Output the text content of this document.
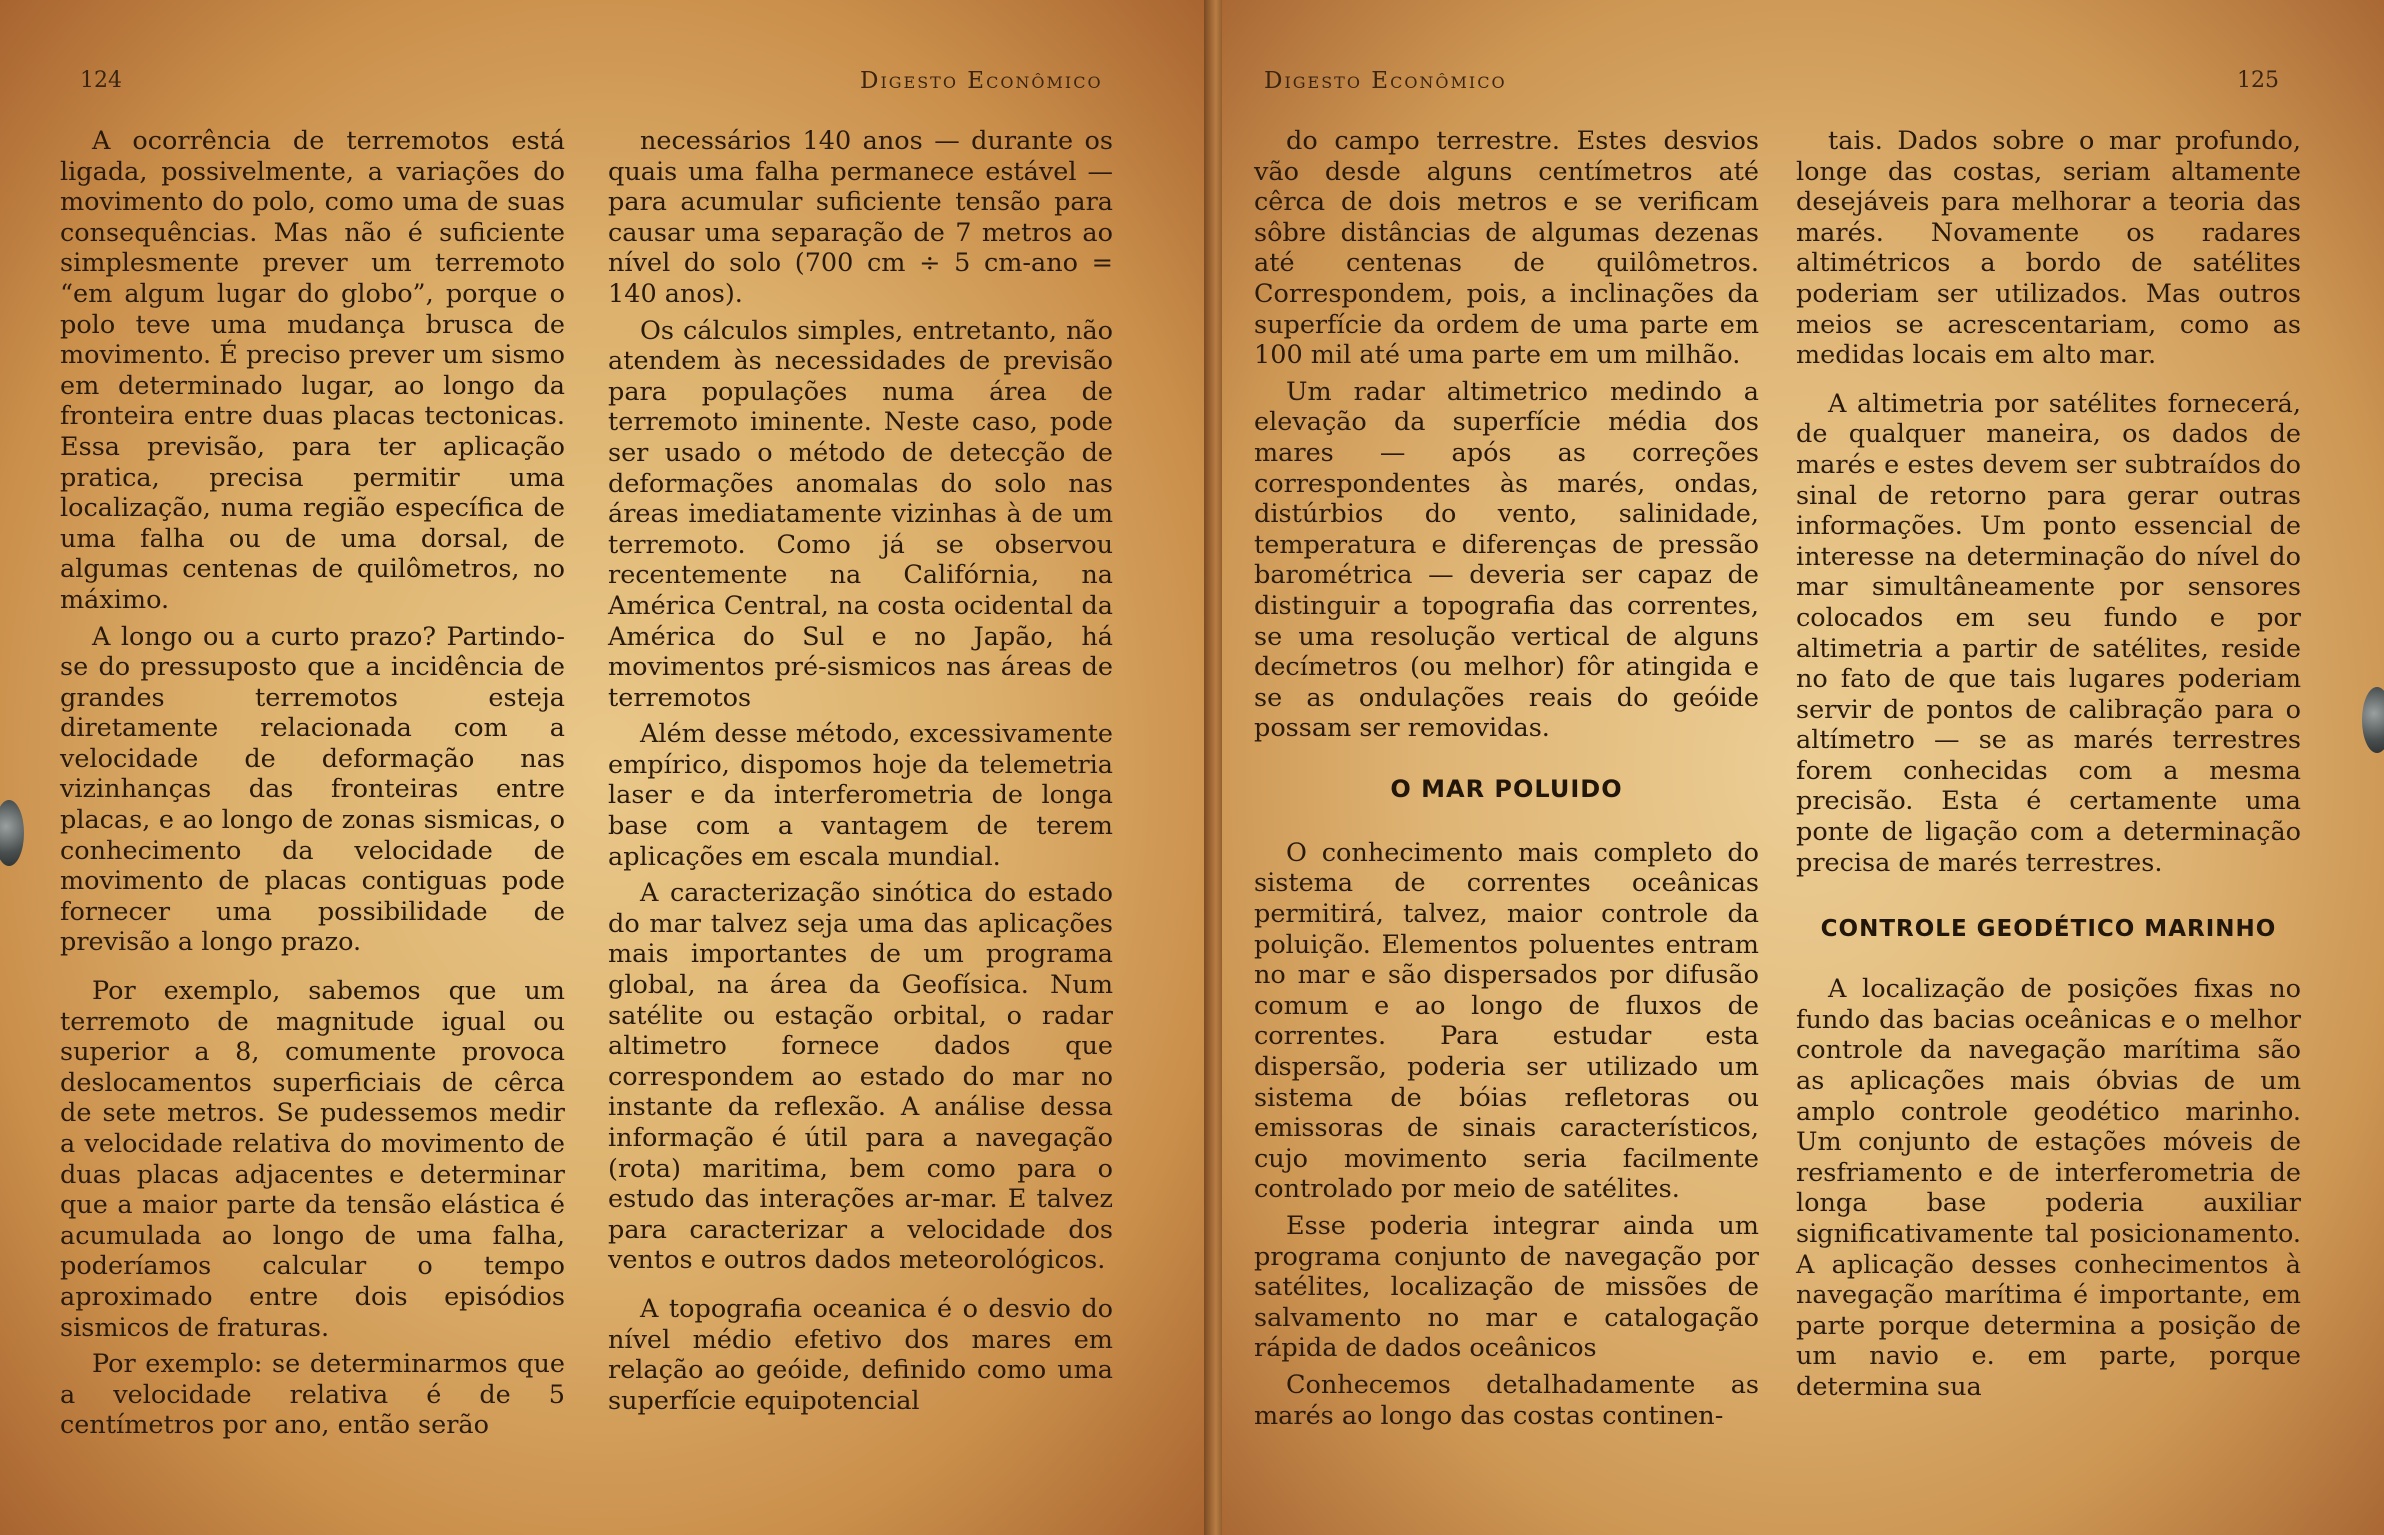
124	Digesto Econômico

A ocorrência de terremotos está ligada, possivelmente, a variações do movimento do polo, como uma de suas consequências. Mas não é suficiente simplesmente prever um terremoto “em algum lugar do globo”, porque o polo teve uma mudança brusca de movimento. É preciso prever um sismo em determinado lugar, ao longo da fronteira entre duas placas tectonicas. Essa previsão, para ter aplicação pratica, precisa permitir uma localização, numa região específica de uma falha ou de uma dorsal, de algumas centenas de quilômetros, no máximo.

A longo ou a curto prazo? Partindo-se do pressuposto que a incidência de grandes terremotos esteja diretamente relacionada com a velocidade de deformação nas vizinhanças das fronteiras entre placas, e ao longo de zonas sismicas, o conhecimento da velocidade de movimento de placas contiguas pode fornecer uma possibilidade de previsão a longo prazo.

Por exemplo, sabemos que um terremoto de magnitude igual ou superior a 8, comumente provoca deslocamentos superficiais de cêrca de sete metros. Se pudessemos medir a velocidade relativa do movimento de duas placas adjacentes e determinar que a maior parte da tensão elástica é acumulada ao longo de uma falha, poderíamos calcular o tempo aproximado entre dois episódios sismicos de fraturas.

Por exemplo: se determinarmos que a velocidade relativa é de 5 centímetros por ano, então serão

necessários 140 anos — durante os quais uma falha permanece estável — para acumular suficiente tensão para causar uma separação de 7 metros ao nível do solo (700 cm ÷ 5 cm-ano = 140 anos).

Os cálculos simples, entretanto, não atendem às necessidades de previsão para populações numa área de terremoto iminente. Neste caso, pode ser usado o método de detecção de deformações anomalas do solo nas áreas imediatamente vizinhas à de um terremoto. Como já se observou recentemente na Califórnia, na América Central, na costa ocidental da América do Sul e no Japão, há movimentos pré-sismicos nas áreas de terremotos

Além desse método, excessivamente empírico, dispomos hoje da telemetria laser e da interferometria de longa base com a vantagem de terem aplicações em escala mundial.

A caracterização sinótica do estado do mar talvez seja uma das aplicações mais importantes de um programa global, na área da Geofísica. Num satélite ou estação orbital, o radar altimetro fornece dados que correspondem ao estado do mar no instante da reflexão. A análise dessa informação é útil para a navegação (rota) maritima, bem como para o estudo das interações ar-mar. E talvez para caracterizar a velocidade dos ventos e outros dados meteorológicos.

A topografia oceanica é o desvio do nível médio efetivo dos mares em relação ao geóide, definido como uma superfície equipotencial

Digesto Econômico	125

do campo terrestre. Estes desvios vão desde alguns centímetros até cêrca de dois metros e se verificam sôbre distâncias de algumas dezenas até centenas de quilômetros. Correspondem, pois, a inclinações da superfície da ordem de uma parte em 100 mil até uma parte em um milhão.

Um radar altimetrico medindo a elevação da superfície média dos mares — após as correções correspondentes às marés, ondas, distúrbios do vento, salinidade, temperatura e diferenças de pressão barométrica — deveria ser capaz de distinguir a topografia das correntes, se uma resolução vertical de alguns decímetros (ou melhor) fôr atingida e se as ondulações reais do geóide possam ser removidas.

O MAR POLUIDO

O conhecimento mais completo do sistema de correntes oceânicas permitirá, talvez, maior controle da poluição. Elementos poluentes entram no mar e são dispersados por difusão comum e ao longo de fluxos de correntes. Para estudar esta dispersão, poderia ser utilizado um sistema de bóias refletoras ou emissoras de sinais característicos, cujo movimento seria facilmente controlado por meio de satélites.

Esse poderia integrar ainda um programa conjunto de navegação por satélites, localização de missões de salvamento no mar e catalogação rápida de dados oceânicos

Conhecemos detalhadamente as marés ao longo das costas continen-

tais. Dados sobre o mar profundo, longe das costas, seriam altamente desejáveis para melhorar a teoria das marés. Novamente os radares altimétricos a bordo de satélites poderiam ser utilizados. Mas outros meios se acrescentariam, como as medidas locais em alto mar.

A altimetria por satélites fornecerá, de qualquer maneira, os dados de marés e estes devem ser subtraídos do sinal de retorno para gerar outras informações. Um ponto essencial de interesse na determinação do nível do mar simultâneamente por sensores colocados em seu fundo e por altimetria a partir de satélites, reside no fato de que tais lugares poderiam servir de pontos de calibração para o altímetro — se as marés terrestres forem conhecidas com a mesma precisão. Esta é certamente uma ponte de ligação com a determinação precisa de marés terrestres.

CONTROLE GEODÉTICO MARINHO

A localização de posições fixas no fundo das bacias oceânicas e o melhor controle da navegação marítima são as aplicações mais óbvias de um amplo controle geodético marinho. Um conjunto de estações móveis de resfriamento e de interferometria de longa base poderia auxiliar significativamente tal posicionamento. A aplicação desses conhecimentos à navegação marítima é importante, em parte porque determina a posição de um navio e. em parte, porque determina sua
